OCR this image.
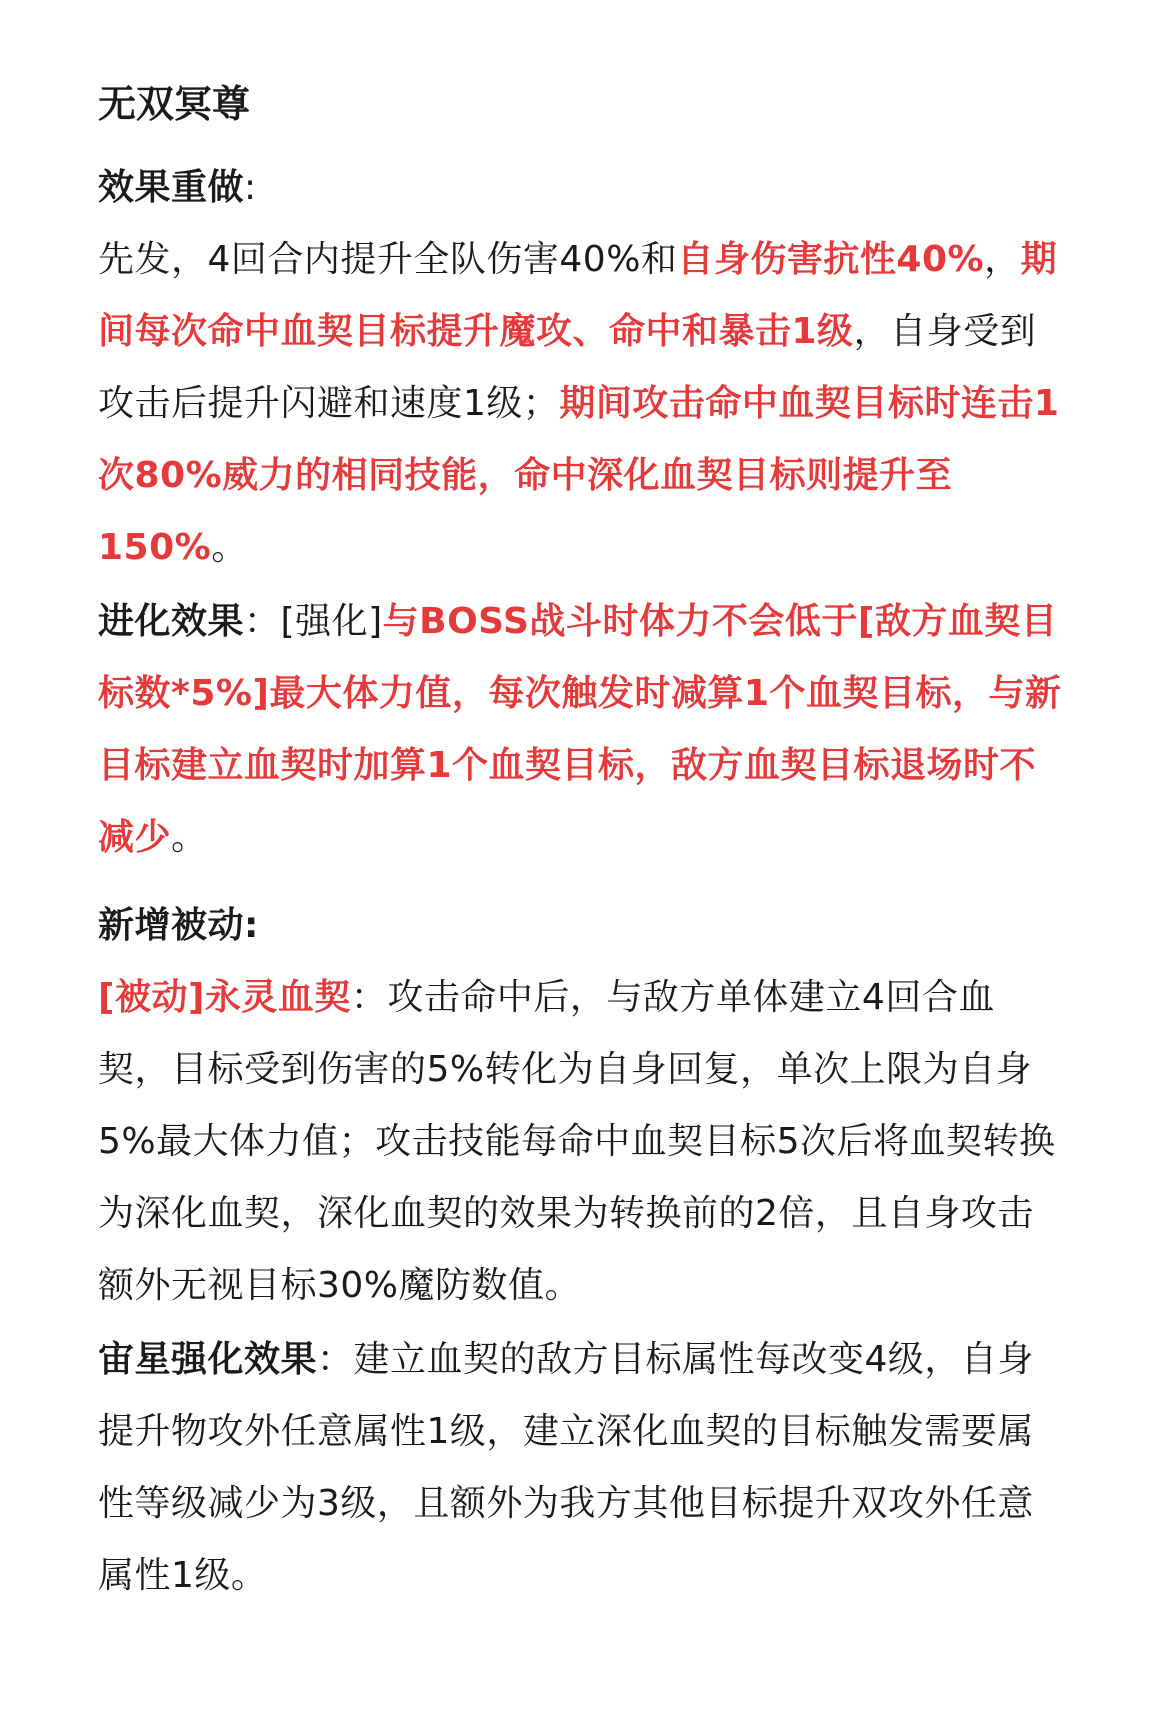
无双冥尊

效果重做:
先发，4回合内提升全队伤害40%和自身伤害抗性40%，期间每次命中血契目标提升魔攻、命中和暴击1级，自身受到攻击后提升闪避和速度1级；期间攻击命中血契目标时连击1次80%威力的相同技能，命中深化血契目标则提升至150%。

进化效果：[强化]与BOSS战斗时体力不会低于[敌方血契目标数*5%]最大体力值，每次触发时减算1个血契目标，与新目标建立血契时加算1个血契目标，敌方血契目标退场时不减少。

新增被动:
[被动]永灵血契：攻击命中后，与敌方单体建立4回合血契，目标受到伤害的5%转化为自身回复，单次上限为自身5%最大体力值；攻击技能每命中血契目标5次后将血契转换为深化血契，深化血契的效果为转换前的2倍，且自身攻击额外无视目标30%魔防数值。

宙星强化效果：建立血契的敌方目标属性每改变4级，自身提升物攻外任意属性1级，建立深化血契的目标触发需要属性等级减少为3级，且额外为我方其他目标提升双攻外任意属性1级。
